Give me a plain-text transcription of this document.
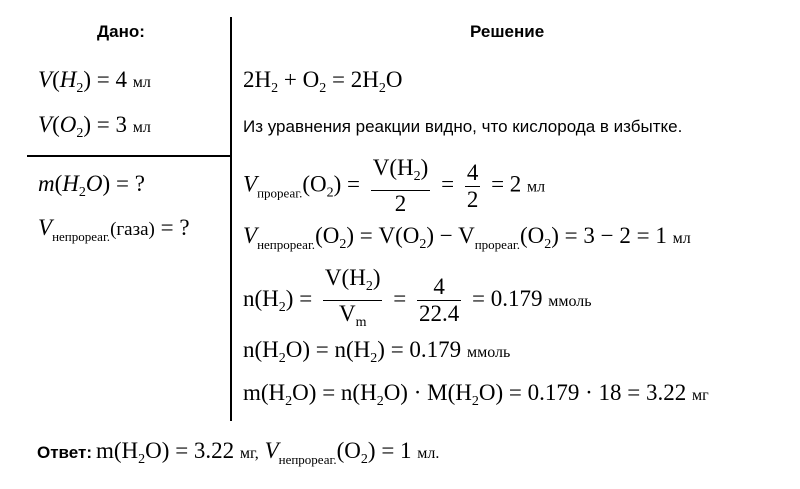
Дано:	Решение
$V(H_2) = 4$ мл
$V(O_2) = 3$ мл
$m(H_2O)$ = ?
$V_{непрореаг.}(газа)$ = ?
$2H_2 + O_2 = 2H_2O$
Из уравнения реакции видно, что кислорода в избытке.
$V_{прореаг.}(O_2) = \frac{V(H_2)}{2} = \frac{4}{2} = 2$ мл
$V_{непрореаг.}(O_2) = V(O_2) - V_{прореаг.}(O_2) = 3 - 2 = 1$ мл
$n(H_2) = \frac{V(H_2)}{V_m} = \frac{4}{22.4} = 0.179$ ммоль
$n(H_2O) = n(H_2) = 0.179$ ммоль
$m(H_2O) = n(H_2O) \cdot M(H_2O) = 0.179 \cdot 18 = 3.22$ мг
Ответ: $m(H_2O) = 3.22$ мг, $V_{непрореаг.}(O_2) = 1$ мл.
